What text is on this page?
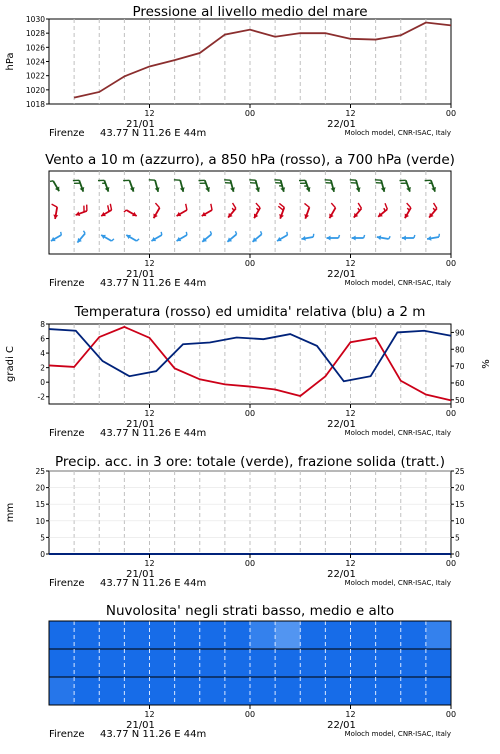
Pressione al livello medio del mare
1018
1020
1022
1024
1026
1028
1030
hPa
12	00	12	00
21/01	22/01
Firenze 43.77 N 11.26 E 44m	Moloch model, CNR-ISAC, Italy
Vento a 10 m (azzurro), a 850 hPa (rosso), a 700 hPa (verde)
12	00	12	00
21/01	22/01
Firenze 43.77 N 11.26 E 44m	Moloch model, CNR-ISAC, Italy
Temperatura (rosso) ed umidita' relativa (blu) a 2 m
-2
0
2
4
6
8
50
60
70
80
90
gradi C	%
12	00	12	00
21/01	22/01
Firenze 43.77 N 11.26 E 44m	Moloch model, CNR-ISAC, Italy
Precip. acc. in 3 ore: totale (verde), frazione solida (tratt.)
0
5
10
15
20
25
0
5
10
15
20
25
mm
12	00	12	00
21/01	22/01
Firenze 43.77 N 11.26 E 44m	Moloch model, CNR-ISAC, Italy
Nuvolosita' negli strati basso, medio e alto
12	00	12	00
21/01	22/01
Firenze 43.77 N 11.26 E 44m	Moloch model, CNR-ISAC, Italy
